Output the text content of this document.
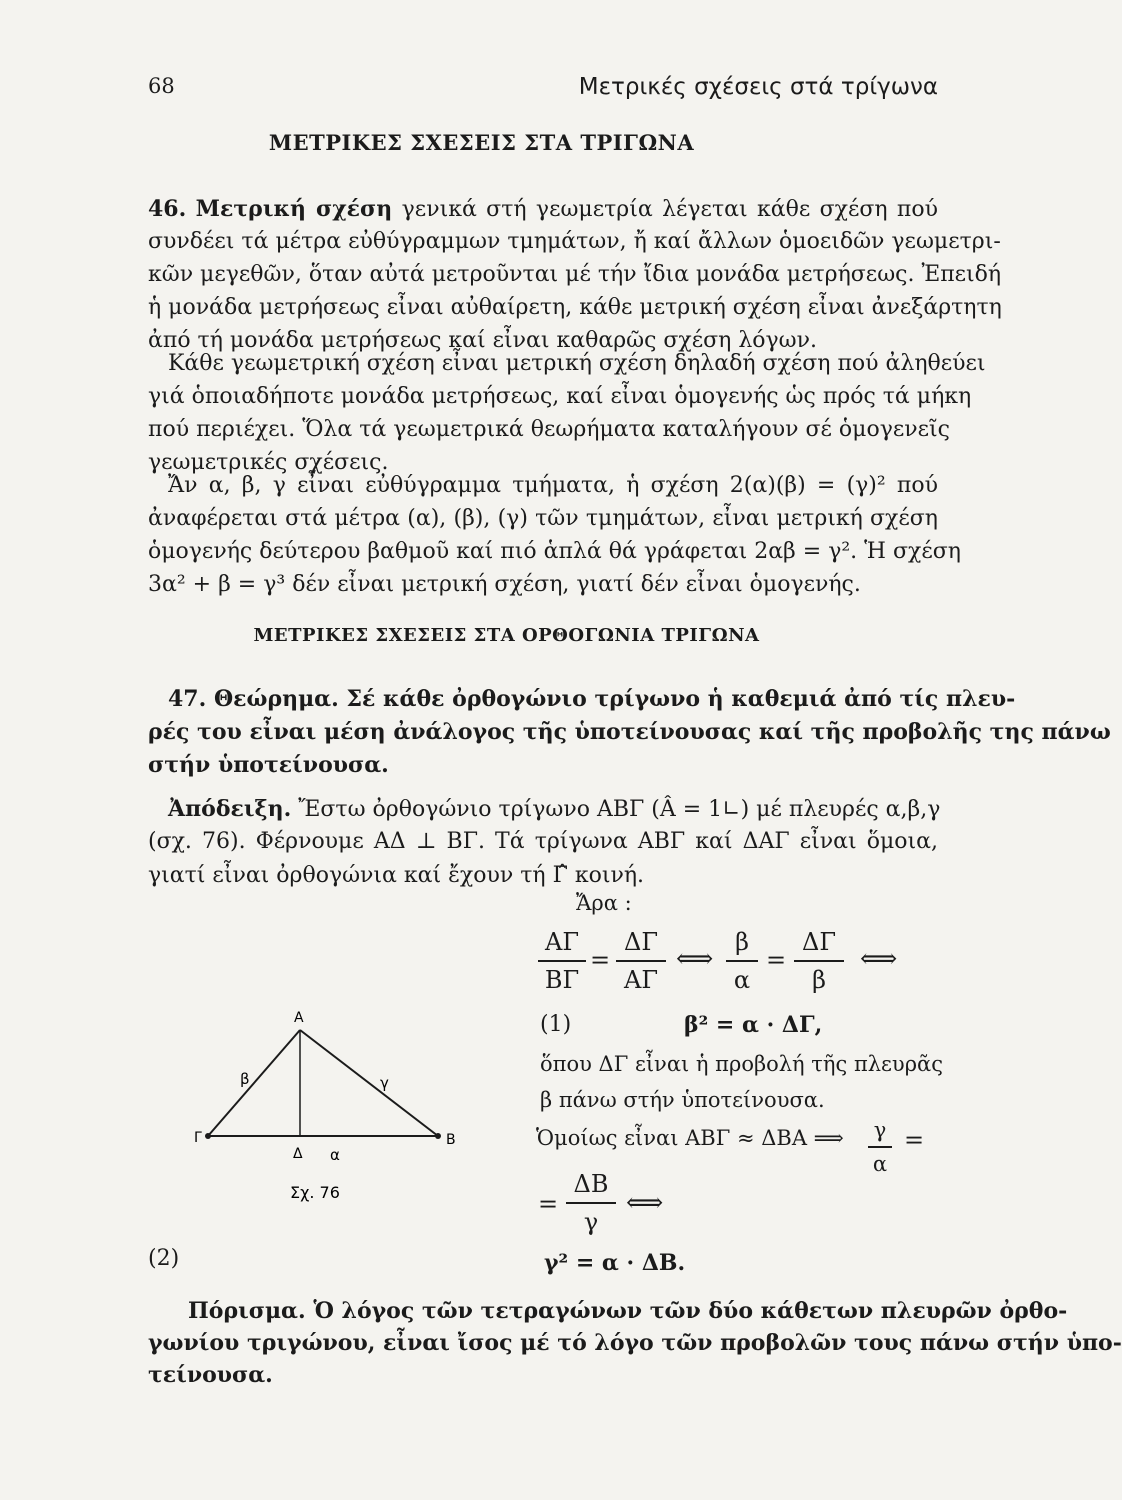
68	Μετρικές σχέσεις στά τρίγωνα
ΜΕΤΡΙΚΕΣ ΣΧΕΣΕΙΣ ΣΤΑ ΤΡΙΓΩΝΑ
46. Μετρική σχέση γενικά στή γεωμετρία λέγεται κάθε σχέση πού
συνδέει τά μέτρα εὐθύγραμμων τμημάτων, ἤ καί ἄλλων ὁμοειδῶν γεωμετρι-
κῶν μεγεθῶν, ὅταν αὐτά μετροῦνται μέ τήν ἴδια μονάδα μετρήσεως. Ἐπειδή
ἡ μονάδα μετρήσεως εἶναι αὐθαίρετη, κάθε μετρική σχέση εἶναι ἀνεξάρτητη
ἀπό τή μονάδα μετρήσεως καί εἶναι καθαρῶς σχέση λόγων.
Κάθε γεωμετρική σχέση εἶναι μετρική σχέση δηλαδή σχέση πού ἀληθεύει
γιά ὁποιαδήποτε μονάδα μετρήσεως, καί εἶναι ὁμογενής ὡς πρός τά μήκη
πού περιέχει. Ὅλα τά γεωμετρικά θεωρήματα καταλήγουν σέ ὁμογενεῖς
γεωμετρικές σχέσεις.
Ἄν α, β, γ εἶναι εὐθύγραμμα τμήματα, ἡ σχέση 2(α)(β) = (γ)² πού
ἀναφέρεται στά μέτρα (α), (β), (γ) τῶν τμημάτων, εἶναι μετρική σχέση
ὁμογενής δεύτερου βαθμοῦ καί πιό ἁπλά θά γράφεται 2αβ = γ². Ἡ σχέση
3α² + β = γ³ δέν εἶναι μετρική σχέση, γιατί δέν εἶναι ὁμογενής.
ΜΕΤΡΙΚΕΣ ΣΧΕΣΕΙΣ ΣΤΑ ΟΡΘΟΓΩΝΙΑ ΤΡΙΓΩΝΑ
47. Θεώρημα. Σέ κάθε ὀρθογώνιο τρίγωνο ἡ καθεμιά ἀπό τίς πλευ-
ρές του εἶναι μέση ἀνάλογος τῆς ὑποτείνουσας καί τῆς προβολῆς της πάνω
στήν ὑποτείνουσα.
Ἀπόδειξη. Ἔστω ὀρθογώνιο τρίγωνο ΑΒΓ (Â = 1∟) μέ πλευρές α,β,γ
(σχ. 76). Φέρνουμε ΑΔ ⊥ ΒΓ. Τά τρίγωνα ΑΒΓ καί ΔΑΓ εἶναι ὅμοια,
γιατί εἶναι ὀρθογώνια καί ἔχουν τή Γ̂ κοινή.
Ἄρα :
ΑΓ
ΒΓ
=
ΔΓ
ΑΓ
⟺
β
α
=
ΔΓ
β
⟺
(1)	β² = α · ΔΓ,
ὅπου ΔΓ εἶναι ἡ προβολή τῆς πλευρᾶς
β πάνω στήν ὑποτείνουσα.
Ὁμοίως εἶναι ΑΒΓ ≈ ΔΒΑ ⟹ γ
α
=
=
ΔΒ
γ
⟺
(2)	γ² = α · ΔΒ.
Α
Γ	Β
Δ
β	γ
α
Σχ. 76
Πόρισμα. Ὁ λόγος τῶν τετραγώνων τῶν δύο κάθετων πλευρῶν ὀρθο-
γωνίου τριγώνου, εἶναι ἴσος μέ τό λόγο τῶν προβολῶν τους πάνω στήν ὑπο-
τείνουσα.
